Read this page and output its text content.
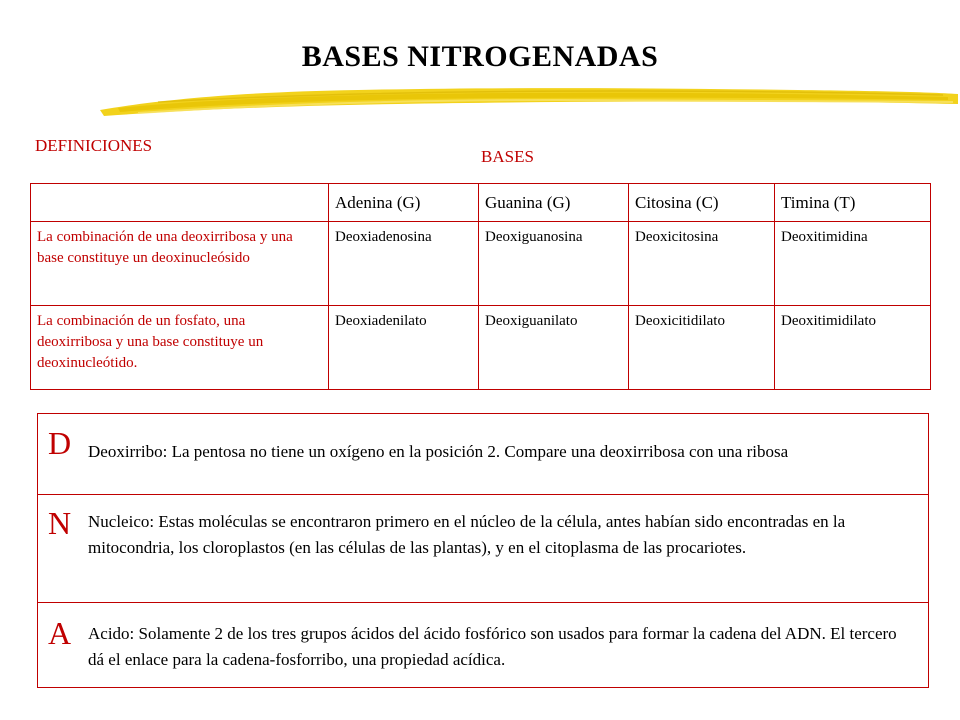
BASES NITROGENADAS
DEFINICIONES
BASES
	Adenina (G)	Guanina (G)	Citosina (C)	Timina (T)
La combinación de una deoxirribosa y una base constituye un deoxinucleósido	Deoxiadenosina	Deoxiguanosina	Deoxicitosina	Deoxitimidina
La combinación de un fosfato, una deoxirribosa y una base constituye un deoxinucleótido.	Deoxiadenilato	Deoxiguanilato	Deoxicitidilato	Deoxitimidilato
D Deoxirribo: La pentosa no tiene un oxígeno en la posición 2. Compare una deoxirribosa con una ribosa
N Nucleico: Estas moléculas se encontraron primero en el núcleo de la célula, antes habían sido encontradas en la mitocondria, los cloroplastos (en las células de las plantas), y en el citoplasma de las procariotes.
A Acido: Solamente 2 de los tres grupos ácidos del ácido fosfórico son usados para formar la cadena del ADN. El tercero dá el enlace para la cadena-fosforribo, una propiedad acídica.
